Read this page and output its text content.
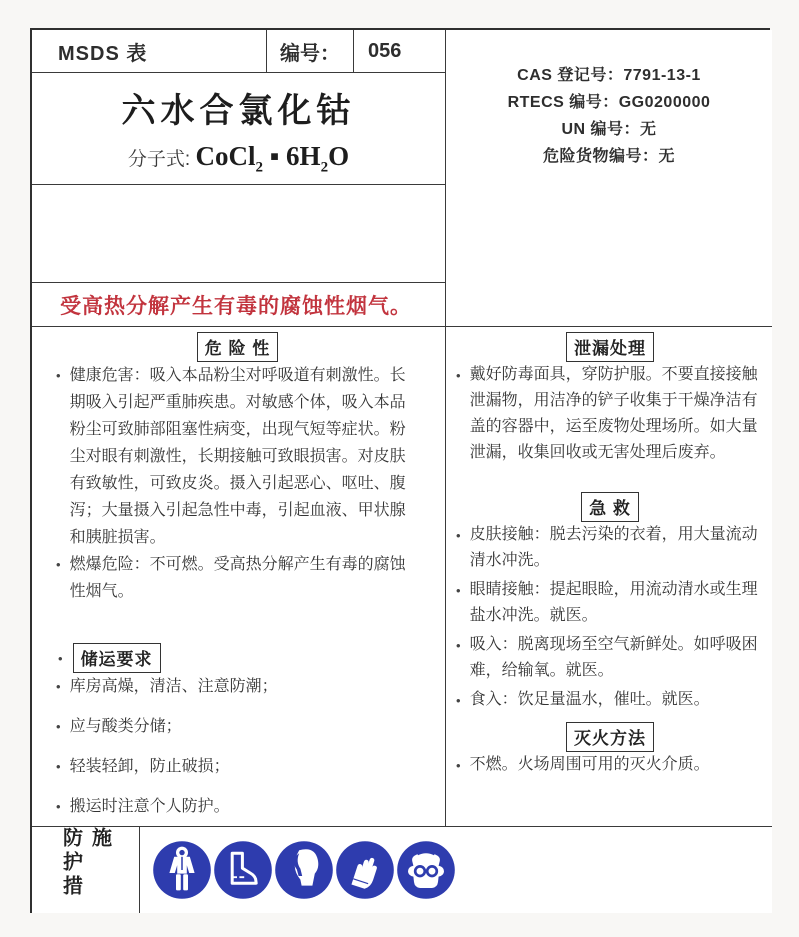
MSDS 表	编号： 056
六水合氯化钴
分子式: CoCl$_2$ ▪ $6H_2O$
受高热分解产生有毒的腐蚀性烟气。
CAS 登记号：7791-13-1
RTECS 编号：GG0200000
UN 编号：无
危险货物编号：无
危 险 性
• 健康危害：吸入本品粉尘对呼吸道有刺激性。长期吸入引起严重肺疾患。对敏感个体，吸入本品粉尘可致肺部阻塞性病变，出现气短等症状。粉尘对眼有刺激性，长期接触可致眼损害。对皮肤有致敏性，可致皮炎。摄入引起恶心、呕吐、腹泻；大量摄入引起急性中毒，引起血液、甲状腺和胰脏损害。
• 燃爆危险：不可燃。受高热分解产生有毒的腐蚀性烟气。
•	储运要求
• 库房高燥，清洁、注意防潮；
• 应与酸类分储；
• 轻装轻卸，防止破损；
• 搬运时注意个人防护。
泄漏处理
• 戴好防毒面具，穿防护服。不要直接接触泄漏物，用洁净的铲子收集于干燥净洁有盖的容器中，运至废物处理场所。如大量泄漏，收集回收或无害处理后废弃。
急 救
• 皮肤接触：脱去污染的衣着，用大量流动清水冲洗。
• 眼睛接触：提起眼睑，用流动清水或生理盐水冲洗。就医。
• 吸入：脱离现场至空气新鲜处。如呼吸困难，给输氧。就医。
• 食入：饮足量温水，催吐。就医。
灭火方法
• 不燃。火场周围可用的灭火介质。
防护措施
